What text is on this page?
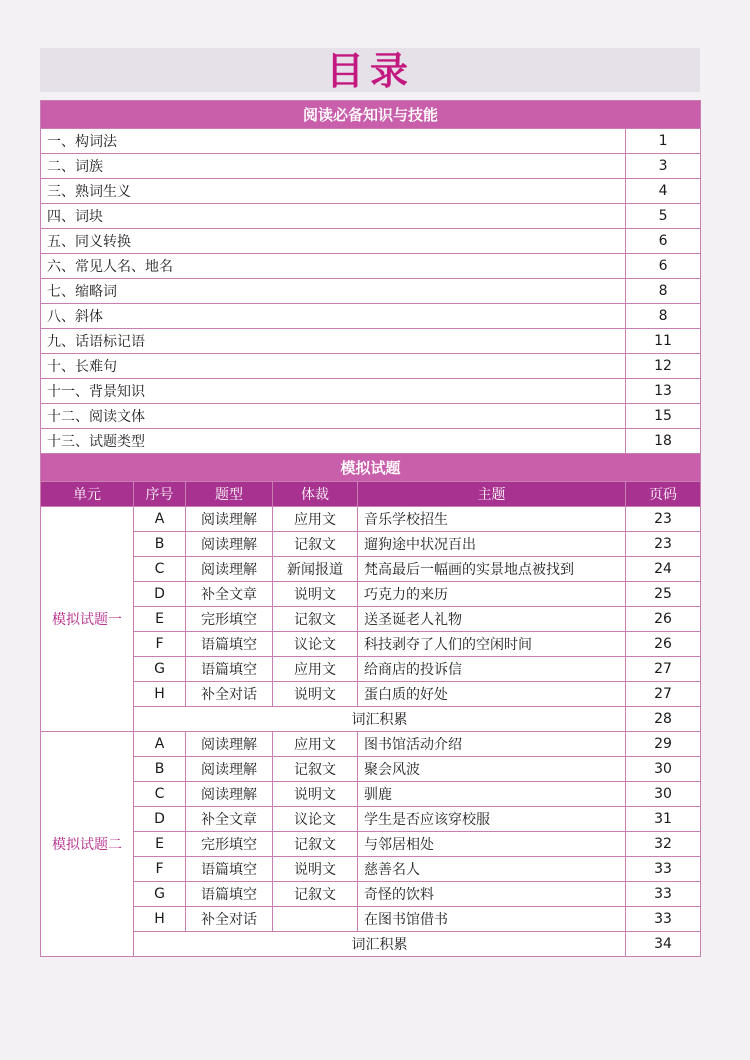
目录
阅读必备知识与技能					
一、构词法					1
二、词族					3
三、熟词生义					4
四、词块					5
五、同义转换					6
六、常见人名、地名					6
七、缩略词					8
八、斜体					8
九、话语标记语					11
十、长难句					12
十一、背景知识					13
十二、阅读文体					15
十三、试题类型					18
模拟试题					
单元	序号	题型	体裁	主题	页码
模拟试题一	A	阅读理解	应用文	音乐学校招生	23
	B	阅读理解	记叙文	遛狗途中状况百出	23
	C	阅读理解	新闻报道	梵高最后一幅画的实景地点被找到	24
	D	补全文章	说明文	巧克力的来历	25
	E	完形填空	记叙文	送圣诞老人礼物	26
	F	语篇填空	议论文	科技剥夺了人们的空闲时间	26
	G	语篇填空	应用文	给商店的投诉信	27
	H	补全对话	说明文	蛋白质的好处	27
	词汇积累				28
模拟试题二	A	阅读理解	应用文	图书馆活动介绍	29
	B	阅读理解	记叙文	聚会风波	30
	C	阅读理解	说明文	驯鹿	30
	D	补全文章	议论文	学生是否应该穿校服	31
	E	完形填空	记叙文	与邻居相处	32
	F	语篇填空	说明文	慈善名人	33
	G	语篇填空	记叙文	奇怪的饮料	33
	H	补全对话		在图书馆借书	33
	词汇积累				34
